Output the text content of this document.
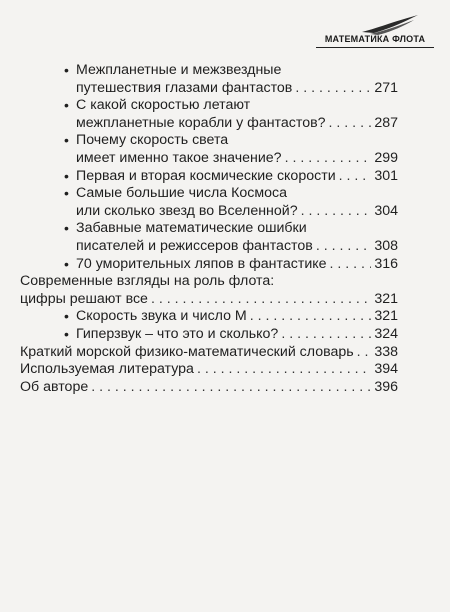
МАТЕМАТИКА ФЛОТА
• Межпланетные и межзвездные
путешествия глазами фантастов . . .	271
• С какой скоростью летают
межпланетные корабли у фантастов? . . .	287
• Почему скорость света
имеет именно такое значение? . . .	299
• Первая и вторая космические скорости . . .	301
• Самые большие числа Космоса
или сколько звезд во Вселенной? . . .	304
• Забавные математические ошибки
писателей и режиссеров фантастов . . .	308
• 70 уморительных ляпов в фантастике . . .	316
Современные взгляды на роль флота:
цифры решают все . . .	321
• Скорость звука и число М . . .	321
• Гиперзвук – что это и сколько? . . .	324
Краткий морской физико-математический словарь . . . 338
Используемая литература . . .	394
Об авторе . . .	396
